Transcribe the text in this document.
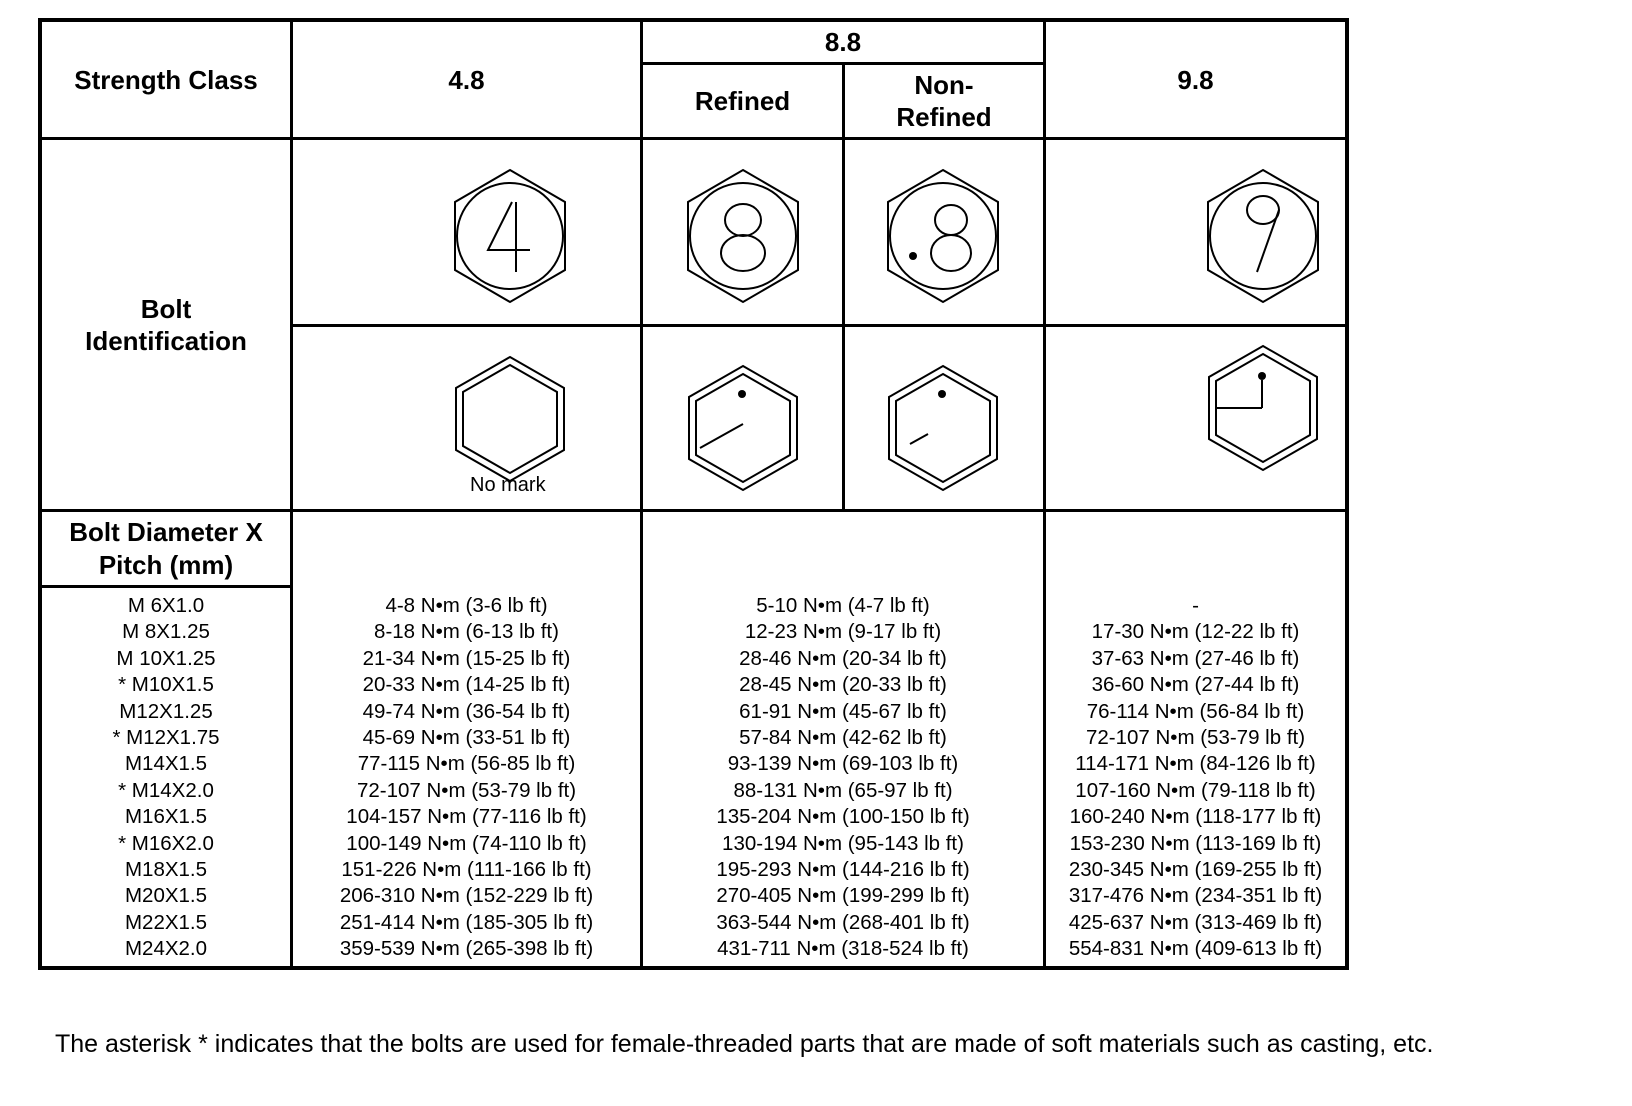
Strength Class	4.8
8.8
Refined
Non-
Refined
9.8
Bolt
Identification
Bolt Diameter X
Pitch (mm)
No mark
M 6X1.0
M 8X1.25
M 10X1.25
* M10X1.5
M12X1.25
* M12X1.75
M14X1.5
* M14X2.0
M16X1.5
* M16X2.0
M18X1.5
M20X1.5
M22X1.5
M24X2.0
4-8 N•m (3-6 lb ft)
8-18 N•m (6-13 lb ft)
21-34 N•m (15-25 lb ft)
20-33 N•m (14-25 lb ft)
49-74 N•m (36-54 lb ft)
45-69 N•m (33-51 lb ft)
77-115 N•m (56-85 lb ft)
72-107 N•m (53-79 lb ft)
104-157 N•m (77-116 lb ft)
100-149 N•m (74-110 lb ft)
151-226 N•m (111-166 lb ft)
206-310 N•m (152-229 lb ft)
251-414 N•m (185-305 lb ft)
359-539 N•m (265-398 lb ft)
5-10 N•m (4-7 lb ft)
12-23 N•m (9-17 lb ft)
28-46 N•m (20-34 lb ft)
28-45 N•m (20-33 lb ft)
61-91 N•m (45-67 lb ft)
57-84 N•m (42-62 lb ft)
93-139 N•m (69-103 lb ft)
88-131 N•m (65-97 lb ft)
135-204 N•m (100-150 lb ft)
130-194 N•m (95-143 lb ft)
195-293 N•m (144-216 lb ft)
270-405 N•m (199-299 lb ft)
363-544 N•m (268-401 lb ft)
431-711 N•m (318-524 lb ft)
-
17-30 N•m (12-22 lb ft)
37-63 N•m (27-46 lb ft)
36-60 N•m (27-44 lb ft)
76-114 N•m (56-84 lb ft)
72-107 N•m (53-79 lb ft)
114-171 N•m (84-126 lb ft)
107-160 N•m (79-118 lb ft)
160-240 N•m (118-177 lb ft)
153-230 N•m (113-169 lb ft)
230-345 N•m (169-255 lb ft)
317-476 N•m (234-351 lb ft)
425-637 N•m (313-469 lb ft)
554-831 N•m (409-613 lb ft)
The asterisk * indicates that the bolts are used for female-threaded parts that are made of soft materials such as casting, etc.
